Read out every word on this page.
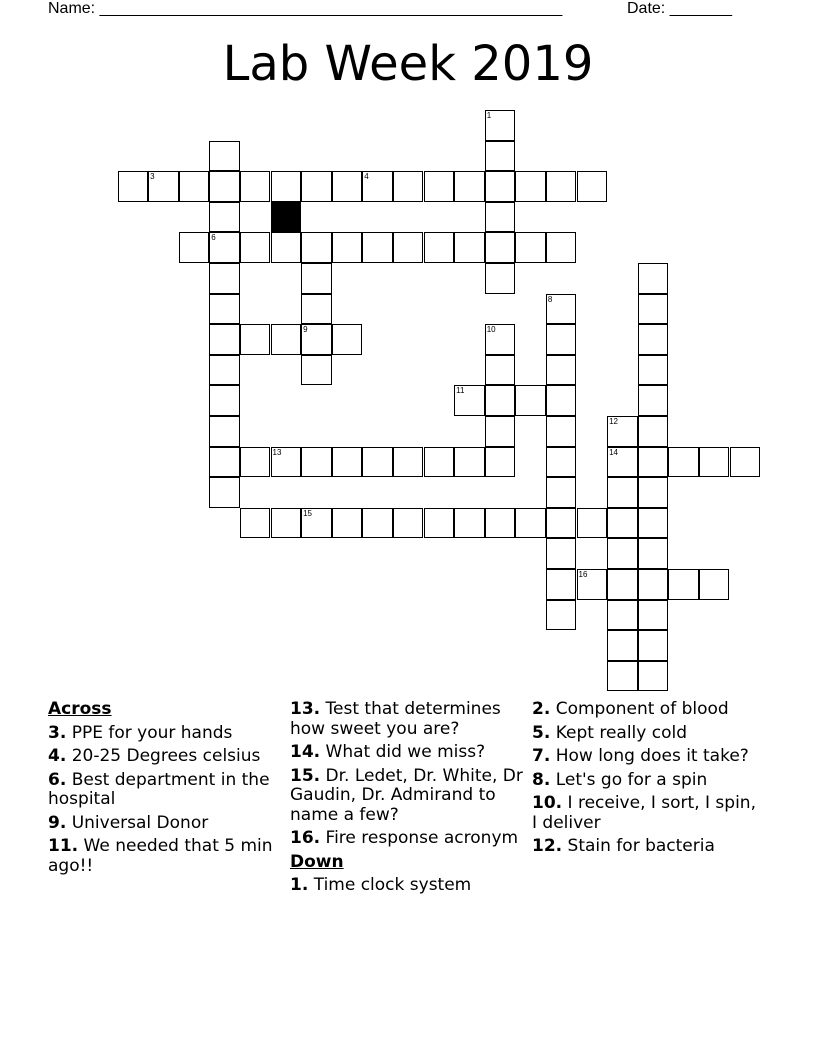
Name: ____________________________________________________	Date: _______
Lab Week 2019
1
6
3	4
9
8
10
11
12
14
13
15
16
Across
3. PPE for your hands
4. 20-25 Degrees celsius
6. Best department in the hospital
9. Universal Donor
11. We needed that 5 min ago!!
13. Test that determines how sweet you are?
14. What did we miss?
15. Dr. Ledet, Dr. White, Dr Gaudin, Dr. Admirand to name a few?
16. Fire response acronym
Down
1. Time clock system
2. Component of blood
5. Kept really cold
7. How long does it take?
8. Let's go for a spin
10. I receive, I sort, I spin, I deliver
12. Stain for bacteria
